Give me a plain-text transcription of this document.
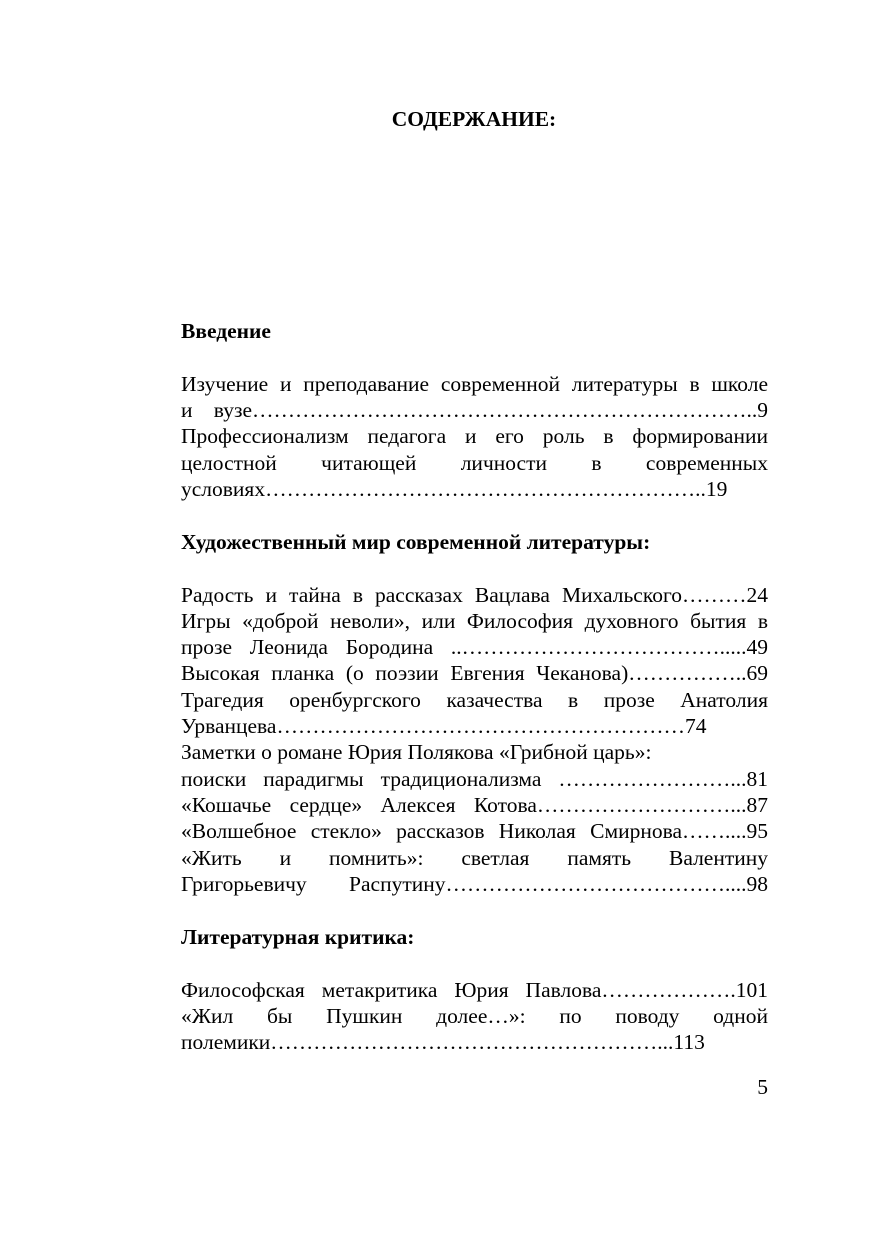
СОДЕРЖАНИЕ:
Введение
Изучение и преподавание современной литературы в школе
и вузе……………………………………………………………..9
Профессионализм педагога и его роль в формировании
целостной читающей личности в современных
условиях……………………………………………………..19
Художественный мир современной литературы:
Радость и тайна в рассказах Вацлава Михальского………24
Игры «доброй неволи», или Философия духовного бытия в
прозе Леонида Бородина ..……………………………….....49
Высокая планка (о поэзии Евгения Чеканова)……………..69
Трагедия оренбургского казачества в прозе Анатолия
Урванцева…………………………………………………74
Заметки о романе Юрия Полякова «Грибной царь»:
поиски парадигмы традиционализма ……………………...81
«Кошачье сердце» Алексея Котова………………………...87
«Волшебное стекло» рассказов Николая Смирнова……....95
«Жить и помнить»: светлая память Валентину
Григорьевичу Распутину…………………………………....98
Литературная критика:
Философская метакритика Юрия Павлова……………….101
«Жил бы Пушкин долее…»: по поводу одной
полемики………………………………………………...113
5
